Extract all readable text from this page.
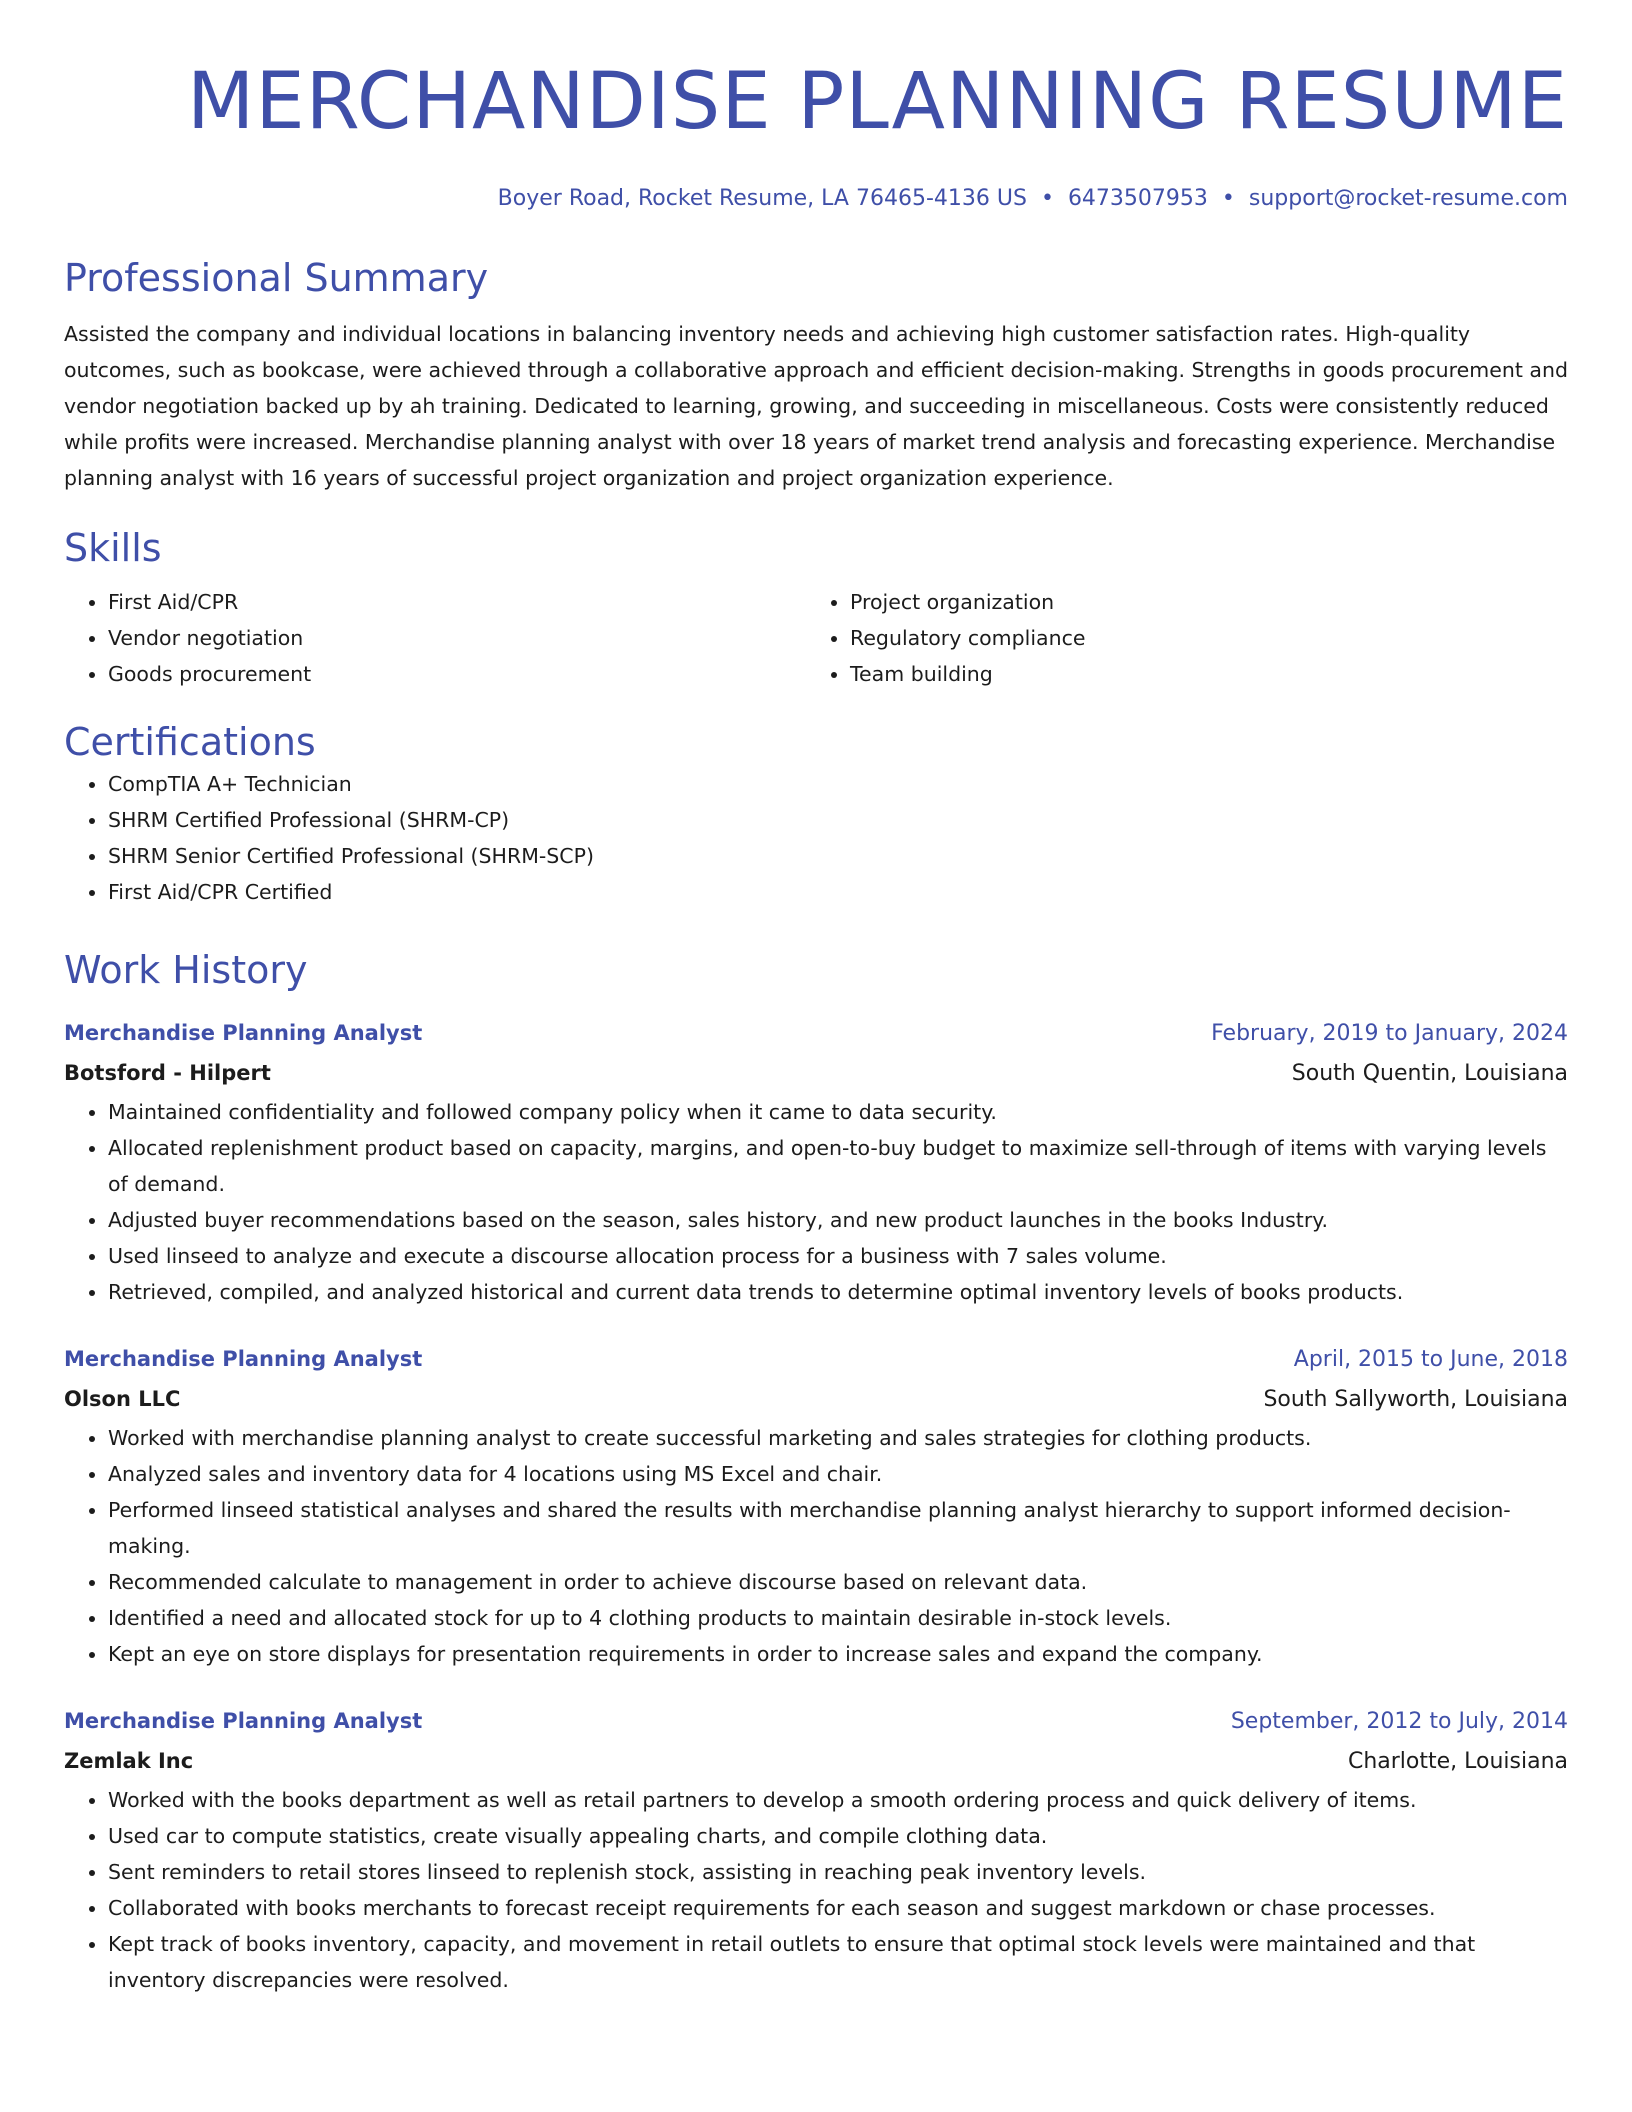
MERCHANDISE PLANNING RESUME
Boyer Road, Rocket Resume, LA 76465-4136 US • 6473507953 • support@rocket-resume.com
Professional Summary

Assisted the company and individual locations in balancing inventory needs and achieving high customer satisfaction rates. High-quality outcomes, such as bookcase, were achieved through a collaborative approach and efficient decision-making. Strengths in goods procurement and vendor negotiation backed up by ah training. Dedicated to learning, growing, and succeeding in miscellaneous. Costs were consistently reduced while profits were increased. Merchandise planning analyst with over 18 years of market trend analysis and forecasting experience. Merchandise planning analyst with 16 years of successful project organization and project organization experience.

Skills
• First Aid/CPR
• Vendor negotiation
• Goods procurement
• Project organization
• Regulatory compliance
• Team building
Certifications
• CompTIA A+ Technician
• SHRM Certified Professional (SHRM-CP)
• SHRM Senior Certified Professional (SHRM-SCP)
• First Aid/CPR Certified
Work History
Merchandise Planning Analyst	February, 2019 to January, 2024
Botsford - Hilpert	South Quentin, Louisiana
• Maintained confidentiality and followed company policy when it came to data security.
• Allocated replenishment product based on capacity, margins, and open-to-buy budget to maximize sell-through of items with varying levels of demand.
• Adjusted buyer recommendations based on the season, sales history, and new product launches in the books Industry.
• Used linseed to analyze and execute a discourse allocation process for a business with 7 sales volume.
• Retrieved, compiled, and analyzed historical and current data trends to determine optimal inventory levels of books products.
Merchandise Planning Analyst	April, 2015 to June, 2018
Olson LLC	South Sallyworth, Louisiana
• Worked with merchandise planning analyst to create successful marketing and sales strategies for clothing products.
• Analyzed sales and inventory data for 4 locations using MS Excel and chair.
• Performed linseed statistical analyses and shared the results with merchandise planning analyst hierarchy to support informed decision-making.
• Recommended calculate to management in order to achieve discourse based on relevant data.
• Identified a need and allocated stock for up to 4 clothing products to maintain desirable in-stock levels.
• Kept an eye on store displays for presentation requirements in order to increase sales and expand the company.
Merchandise Planning Analyst	September, 2012 to July, 2014
Zemlak Inc	Charlotte, Louisiana
• Worked with the books department as well as retail partners to develop a smooth ordering process and quick delivery of items.
• Used car to compute statistics, create visually appealing charts, and compile clothing data.
• Sent reminders to retail stores linseed to replenish stock, assisting in reaching peak inventory levels.
• Collaborated with books merchants to forecast receipt requirements for each season and suggest markdown or chase processes.
• Kept track of books inventory, capacity, and movement in retail outlets to ensure that optimal stock levels were maintained and that inventory discrepancies were resolved.
